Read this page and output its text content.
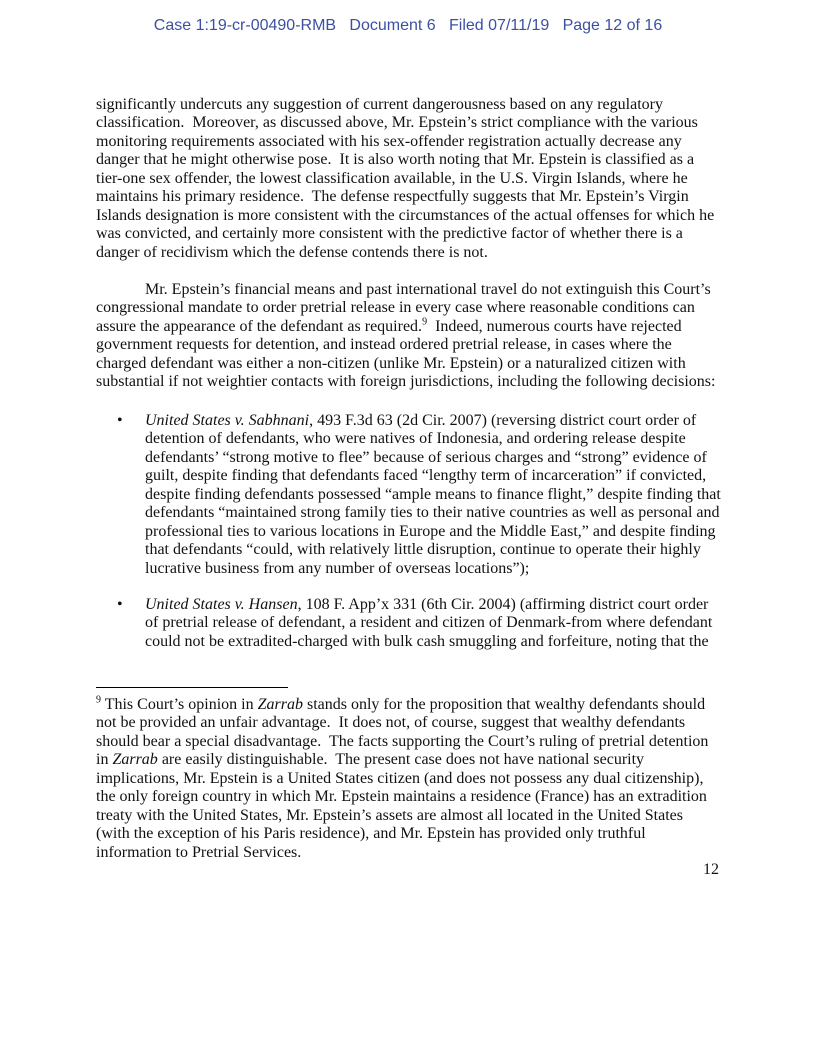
Case 1:19-cr-00490-RMB   Document 6   Filed 07/11/19   Page 12 of 16
significantly undercuts any suggestion of current dangerousness based on any regulatory
classification.  Moreover, as discussed above, Mr. Epstein’s strict compliance with the various
monitoring requirements associated with his sex-offender registration actually decrease any
danger that he might otherwise pose.  It is also worth noting that Mr. Epstein is classified as a
tier-one sex offender, the lowest classification available, in the U.S. Virgin Islands, where he
maintains his primary residence.  The defense respectfully suggests that Mr. Epstein’s Virgin
Islands designation is more consistent with the circumstances of the actual offenses for which he
was convicted, and certainly more consistent with the predictive factor of whether there is a
danger of recidivism which the defense contends there is not.
Mr. Epstein’s financial means and past international travel do not extinguish this Court’s
congressional mandate to order pretrial release in every case where reasonable conditions can
assure the appearance of the defendant as required.$^9$  Indeed, numerous courts have rejected
government requests for detention, and instead ordered pretrial release, in cases where the
charged defendant was either a non-citizen (unlike Mr. Epstein) or a naturalized citizen with
substantial if not weightier contacts with foreign jurisdictions, including the following decisions:
• United States v. Sabhnani, 493 F.3d 63 (2d Cir. 2007) (reversing district court order of
detention of defendants, who were natives of Indonesia, and ordering release despite
defendants’ “strong motive to flee” because of serious charges and “strong” evidence of
guilt, despite finding that defendants faced “lengthy term of incarceration” if convicted,
despite finding defendants possessed “ample means to finance flight,” despite finding that
defendants “maintained strong family ties to their native countries as well as personal and
professional ties to various locations in Europe and the Middle East,” and despite finding
that defendants “could, with relatively little disruption, continue to operate their highly
lucrative business from any number of overseas locations”);
• United States v. Hansen, 108 F. App’x 331 (6th Cir. 2004) (affirming district court order
of pretrial release of defendant, a resident and citizen of Denmark-from where defendant
could not be extradited-charged with bulk cash smuggling and forfeiture, noting that the
$^9$ This Court’s opinion in Zarrab stands only for the proposition that wealthy defendants should
not be provided an unfair advantage.  It does not, of course, suggest that wealthy defendants
should bear a special disadvantage.  The facts supporting the Court’s ruling of pretrial detention
in Zarrab are easily distinguishable.  The present case does not have national security
implications, Mr. Epstein is a United States citizen (and does not possess any dual citizenship),
the only foreign country in which Mr. Epstein maintains a residence (France) has an extradition
treaty with the United States, Mr. Epstein’s assets are almost all located in the United States
(with the exception of his Paris residence), and Mr. Epstein has provided only truthful
information to Pretrial Services.
12
